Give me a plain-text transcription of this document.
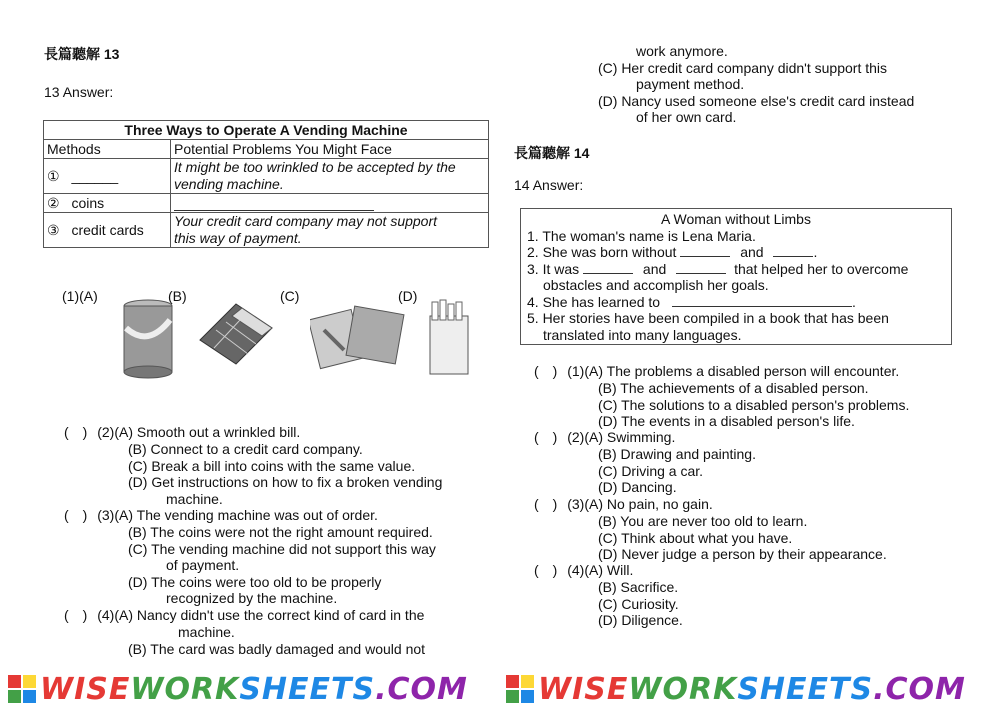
長篇聽解 13
13 Answer:
Three Ways to Operate A Vending Machine	
Methods	Potential Problems You Might Face
① ______	It might be too wrinkled to be accepted by the
vending machine.

② coins	

③ credit cards	Your credit card company may not support
this way of payment.
(1)(A)	(B)	(C)	(D)
(　) (2)(A) Smooth out a wrinkled bill.
(B) Connect to a credit card company.
(C) Break a bill into coins with the same value.
(D) Get instructions on how to fix a broken vending
machine.
(　) (3)(A) The vending machine was out of order.
(B) The coins were not the right amount required.
(C) The vending machine did not support this way
of payment.
(D) The coins were too old to be properly
recognized by the machine.
(　) (4)(A) Nancy didn't use the correct kind of card in the
machine.
(B) The card was badly damaged and would not
work anymore.
(C) Her credit card company didn't support this
payment method.
(D) Nancy used someone else's credit card instead
of her own card.
長篇聽解 14
14 Answer:
A Woman without Limbs
1. The woman's name is Lena Maria.
2. She was born without	and	.
3. It was	and	that helped her to overcome
obstacles and accomplish her goals.
4. She has learned to	.
5. Her stories have been compiled in a book that has been
translated into many languages.
(　) (1)(A) The problems a disabled person will encounter.
(B) The achievements of a disabled person.
(C) The solutions to a disabled person's problems.
(D) The events in a disabled person's life.
(　) (2)(A) Swimming.
(B) Drawing and painting.
(C) Driving a car.
(D) Dancing.
(　) (3)(A) No pain, no gain.
(B) You are never too old to learn.
(C) Think about what you have.
(D) Never judge a person by their appearance.
(　) (4)(A) Will.
(B) Sacrifice.
(C) Curiosity.
(D) Diligence.
WISEWORKSHEETS.COM WISEWORKSHEETS.COM
